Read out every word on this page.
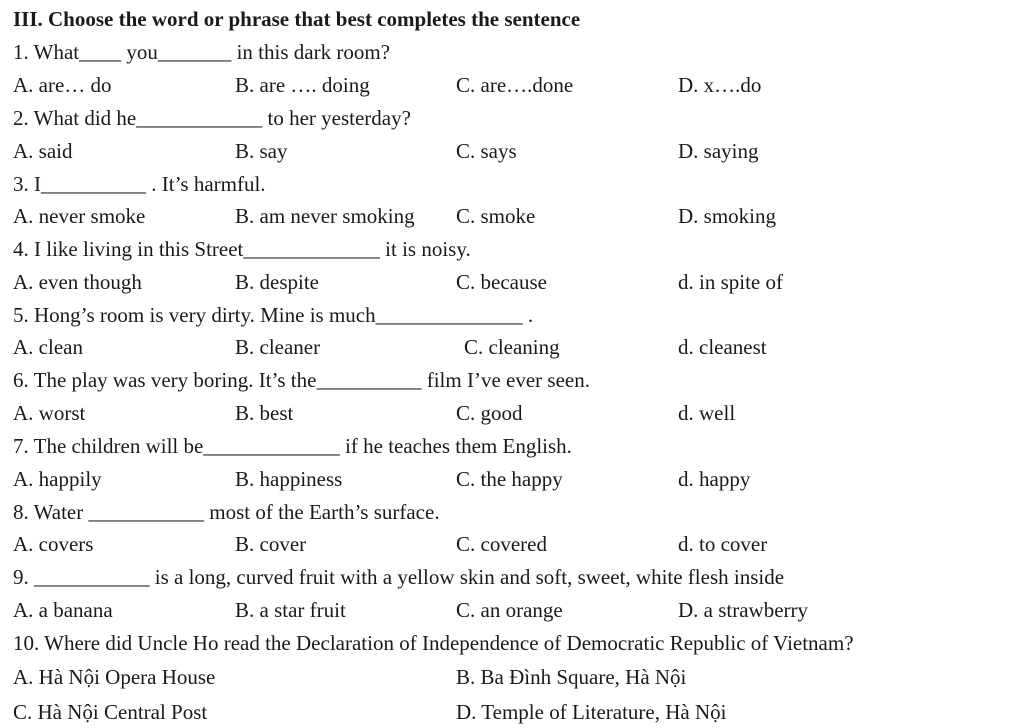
III. Choose the word or phrase that best completes the sentence
1. What____ you_______ in this dark room?
A. are… do	B. are …. doing	C. are….done	D. x….do
2. What did he____________ to her yesterday?
A. said	B. say	C. says	D. saying
3. I__________ . It’s harmful.
A. never smoke	B. am never smoking C. smoke	D. smoking
4. I like living in this Street_____________ it is noisy.
A. even though	B. despite	C. because	d. in spite of
5. Hong’s room is very dirty. Mine is much______________ .
A. clean	B. cleaner	C. cleaning	d. cleanest
6. The play was very boring. It’s the__________ film I’ve ever seen.
A. worst	B. best	C. good	d. well
7. The children will be_____________ if he teaches them English.
A. happily	B. happiness	C. the happy	d. happy
8. Water ___________ most of the Earth’s surface.
A. covers	B. cover	C. covered	d. to cover
9. ___________ is a long, curved fruit with a yellow skin and soft, sweet, white flesh inside
A. a banana	B. a star fruit	C. an orange	D. a strawberry
10. Where did Uncle Ho read the Declaration of Independence of Democratic Republic of Vietnam?
A. Hà Nội Opera House	B. Ba Đình Square, Hà Nội
C. Hà Nội Central Post	D. Temple of Literature, Hà Nội
